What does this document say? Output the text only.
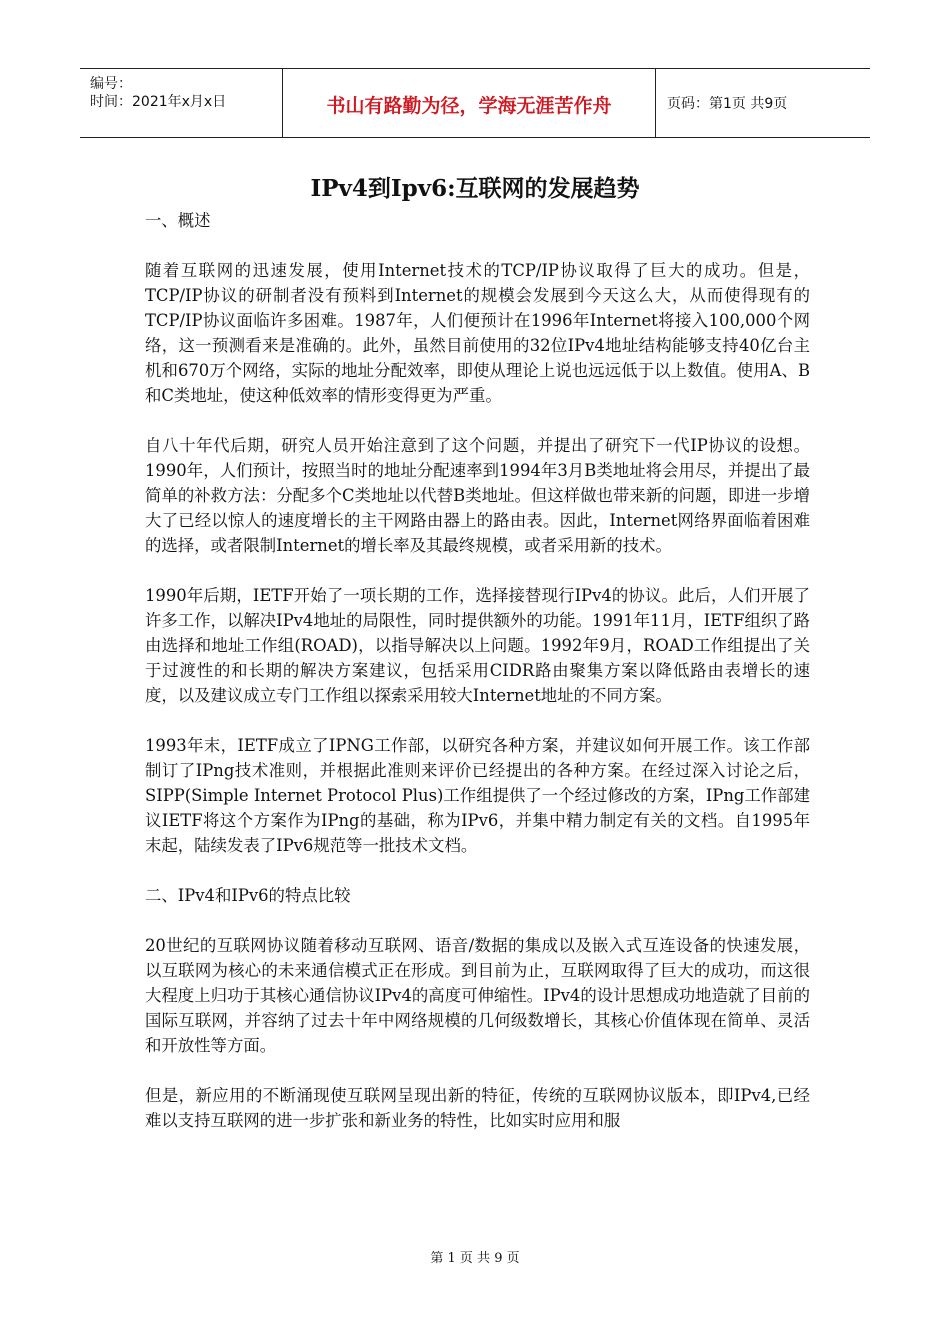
编号：
时间：2021年x月x日	书山有路勤为径，学海无涯苦作舟	页码：第1页 共9页
IPv4到Ipv6:互联网的发展趋势

一、概述

随着互联网的迅速发展，使用Internet技术的TCP/IP协议取得了巨大的成功。但是，TCP/IP协议的研制者没有预料到Internet的规模会发展到今天这么大，从而使得现有的TCP/IP协议面临许多困难。1987年，人们便预计在1996年Internet将接入100,000个网络，这一预测看来是准确的。此外，虽然目前使用的32位IPv4地址结构能够支持40亿台主机和670万个网络，实际的地址分配效率，即使从理论上说也远远低于以上数值。使用A、B和C类地址，使这种低效率的情形变得更为严重。

自八十年代后期，研究人员开始注意到了这个问题，并提出了研究下一代IP协议的设想。1990年，人们预计，按照当时的地址分配速率到1994年3月B类地址将会用尽，并提出了最简单的补救方法：分配多个C类地址以代替B类地址。但这样做也带来新的问题，即进一步增大了已经以惊人的速度增长的主干网路由器上的路由表。因此，Internet网络界面临着困难的选择，或者限制Internet的增长率及其最终规模，或者采用新的技术。

1990年后期，IETF开始了一项长期的工作，选择接替现行IPv4的协议。此后，人们开展了许多工作，以解决IPv4地址的局限性，同时提供额外的功能。1991年11月，IETF组织了路由选择和地址工作组(ROAD)，以指导解决以上问题。1992年9月，ROAD工作组提出了关于过渡性的和长期的解决方案建议，包括采用CIDR路由聚集方案以降低路由表增长的速度，以及建议成立专门工作组以探索采用较大Internet地址的不同方案。

1993年末，IETF成立了IPNG工作部，以研究各种方案，并建议如何开展工作。该工作部制订了IPng技术准则，并根据此准则来评价已经提出的各种方案。在经过深入讨论之后，SIPP(Simple Internet Protocol Plus)工作组提供了一个经过修改的方案，IPng工作部建议IETF将这个方案作为IPng的基础，称为IPv6，并集中精力制定有关的文档。自1995年末起，陆续发表了IPv6规范等一批技术文档。

二、IPv4和IPv6的特点比较

20世纪的互联网协议随着移动互联网、语音/数据的集成以及嵌入式互连设备的快速发展，以互联网为核心的未来通信模式正在形成。到目前为止，互联网取得了巨大的成功，而这很大程度上归功于其核心通信协议IPv4的高度可伸缩性。IPv4的设计思想成功地造就了目前的国际互联网，并容纳了过去十年中网络规模的几何级数增长，其核心价值体现在简单、灵活和开放性等方面。

但是，新应用的不断涌现使互联网呈现出新的特征，传统的互联网协议版本，即IPv4,已经难以支持互联网的进一步扩张和新业务的特性，比如实时应用和服

第 1 页 共 9 页
